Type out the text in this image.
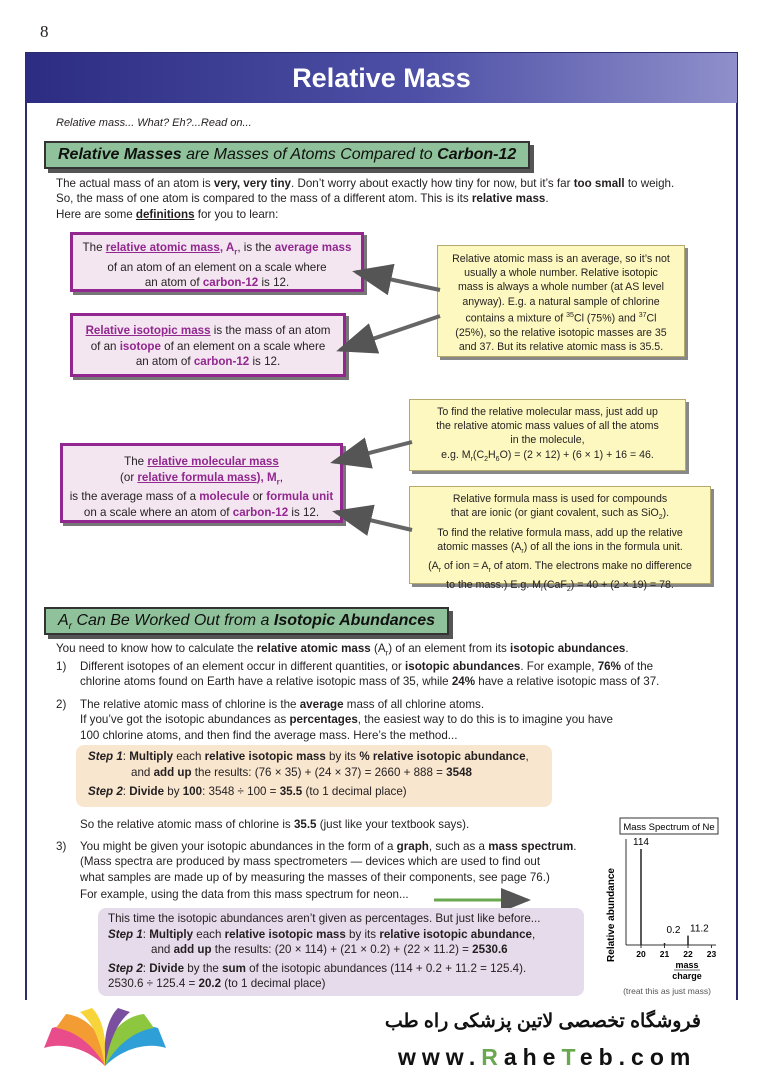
8
Relative Mass
Relative mass... What? Eh?...Read on...
Relative Masses are Masses of Atoms Compared to Carbon-12
The actual mass of an atom is very, very tiny. Don’t worry about exactly how tiny for now, but it’s far too small to weigh.
So, the mass of one atom is compared to the mass of a different atom. This is its relative mass.
Here are some definitions for you to learn:
The relative atomic mass, $A_r$, is the average mass
of an atom of an element on a scale where
an atom of carbon-12 is 12.
Relative isotopic mass is the mass of an atom
of an isotope of an element on a scale where
an atom of carbon-12 is 12.
Relative atomic mass is an average, so it’s not
usually a whole number. Relative isotopic
mass is always a whole number (at AS level
anyway). E.g. a natural sample of chlorine
contains a mixture of $^{35}$Cl (75%) and $^{37}$Cl
(25%), so the relative isotopic masses are 35
and 37. But its relative atomic mass is 35.5.
To find the relative molecular mass, just add up
the relative atomic mass values of all the atoms
in the molecule,
e.g. $M_r(C_2H_6O) = (2 \times 12) + (6 \times 1) + 16 = 46$.
The relative molecular mass
(or relative formula mass), $M_r$,
is the average mass of a molecule or formula unit
on a scale where an atom of carbon-12 is 12.
Relative formula mass is used for compounds
that are ionic (or giant covalent, such as SiO$_2$).
To find the relative formula mass, add up the relative
atomic masses $(A_r)$ of all the ions in the formula unit.
($A_r$ of ion = $A_r$ of atom. The electrons make no difference
to the mass.) E.g. $M_r(CaF_2) = 40 + (2 \times 19) = 78$.
$A_r$ Can Be Worked Out from a Isotopic Abundances
You need to know how to calculate the relative atomic mass $(A_r)$ of an element from its isotopic abundances.
1) Different isotopes of an element occur in different quantities, or isotopic abundances. For example, 76% of the
chlorine atoms found on Earth have a relative isotopic mass of 35, while 24% have a relative isotopic mass of 37.
2) The relative atomic mass of chlorine is the average mass of all chlorine atoms.
If you’ve got the isotopic abundances as percentages, the easiest way to do this is to imagine you have
100 chlorine atoms, and then find the average mass. Here’s the method...
Step 1: Multiply each relative isotopic mass by its % relative isotopic abundance,
and add up the results: (76 × 35) + (24 × 37) = 2660 + 888 = 3548
Step 2: Divide by 100: 3548 ÷ 100 = 35.5 (to 1 decimal place)
So the relative atomic mass of chlorine is 35.5 (just like your textbook says).
3) You might be given your isotopic abundances in the form of a graph, such as a mass spectrum.
(Mass spectra are produced by mass spectrometers — devices which are used to find out
what samples are made up of by measuring the masses of their components, see page 76.)
For example, using the data from this mass spectrum for neon...
This time the isotopic abundances aren’t given as percentages. But just like before...
Step 1: Multiply each relative isotopic mass by its relative isotopic abundance,
and add up the results: (20 × 114) + (21 × 0.2) + (22 × 11.2) = 2530.6
Step 2: Divide by the sum of the isotopic abundances (114 + 0.2 + 11.2 = 125.4).
2530.6 ÷ 125.4 = 20.2 (to 1 decimal place)
Mass Spectrum of Ne
Relative abundance
114
0.2 11.2
20 21 22 23
mass
charge
(treat this as just mass)
فروشگاه تخصصی لاتین پزشکی راه طب
www.RaheTeb.com
